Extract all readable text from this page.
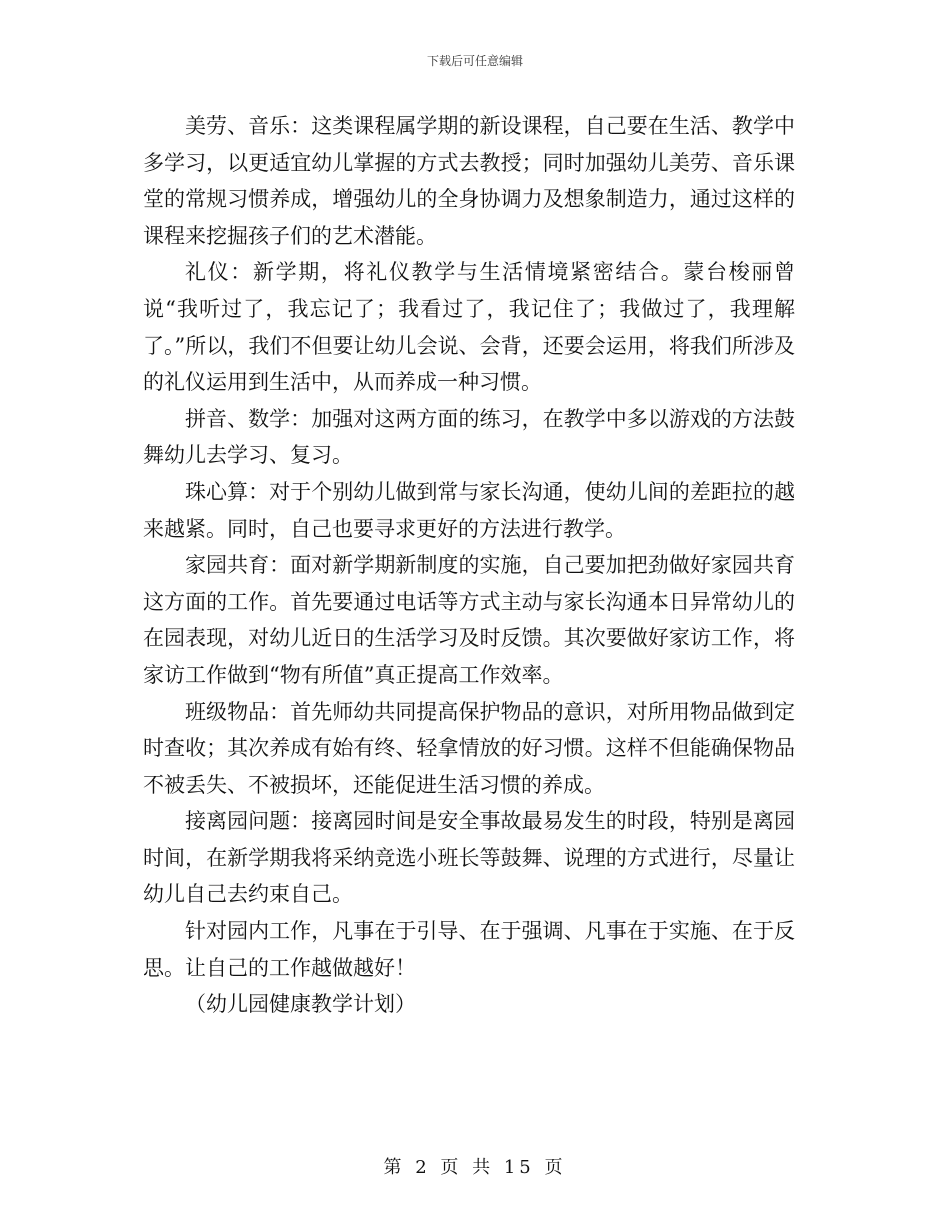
下载后可任意编辑

美劳、音乐：这类课程属学期的新设课程，自己要在生活、教学中多学习，以更适宜幼儿掌握的方式去教授；同时加强幼儿美劳、音乐课堂的常规习惯养成，增强幼儿的全身协调力及想象制造力，通过这样的课程来挖掘孩子们的艺术潜能。

礼仪：新学期，将礼仪教学与生活情境紧密结合。蒙台梭丽曾说“我听过了，我忘记了；我看过了，我记住了；我做过了，我理解了。”所以，我们不但要让幼儿会说、会背，还要会运用，将我们所涉及的礼仪运用到生活中，从而养成一种习惯。

拼音、数学：加强对这两方面的练习，在教学中多以游戏的方法鼓舞幼儿去学习、复习。

珠心算：对于个别幼儿做到常与家长沟通，使幼儿间的差距拉的越来越紧。同时，自己也要寻求更好的方法进行教学。

家园共育：面对新学期新制度的实施，自己要加把劲做好家园共育这方面的工作。首先要通过电话等方式主动与家长沟通本日异常幼儿的在园表现，对幼儿近日的生活学习及时反馈。其次要做好家访工作，将家访工作做到“物有所值”真正提高工作效率。

班级物品：首先师幼共同提高保护物品的意识，对所用物品做到定时查收；其次养成有始有终、轻拿情放的好习惯。这样不但能确保物品不被丢失、不被损坏，还能促进生活习惯的养成。

接离园问题：接离园时间是安全事故最易发生的时段，特别是离园时间，在新学期我将采纳竞选小班长等鼓舞、说理的方式进行，尽量让幼儿自己去约束自己。

针对园内工作，凡事在于引导、在于强调、凡事在于实施、在于反思。让自己的工作越做越好！

（幼儿园健康教学计划）

第 2 页 共 15 页
